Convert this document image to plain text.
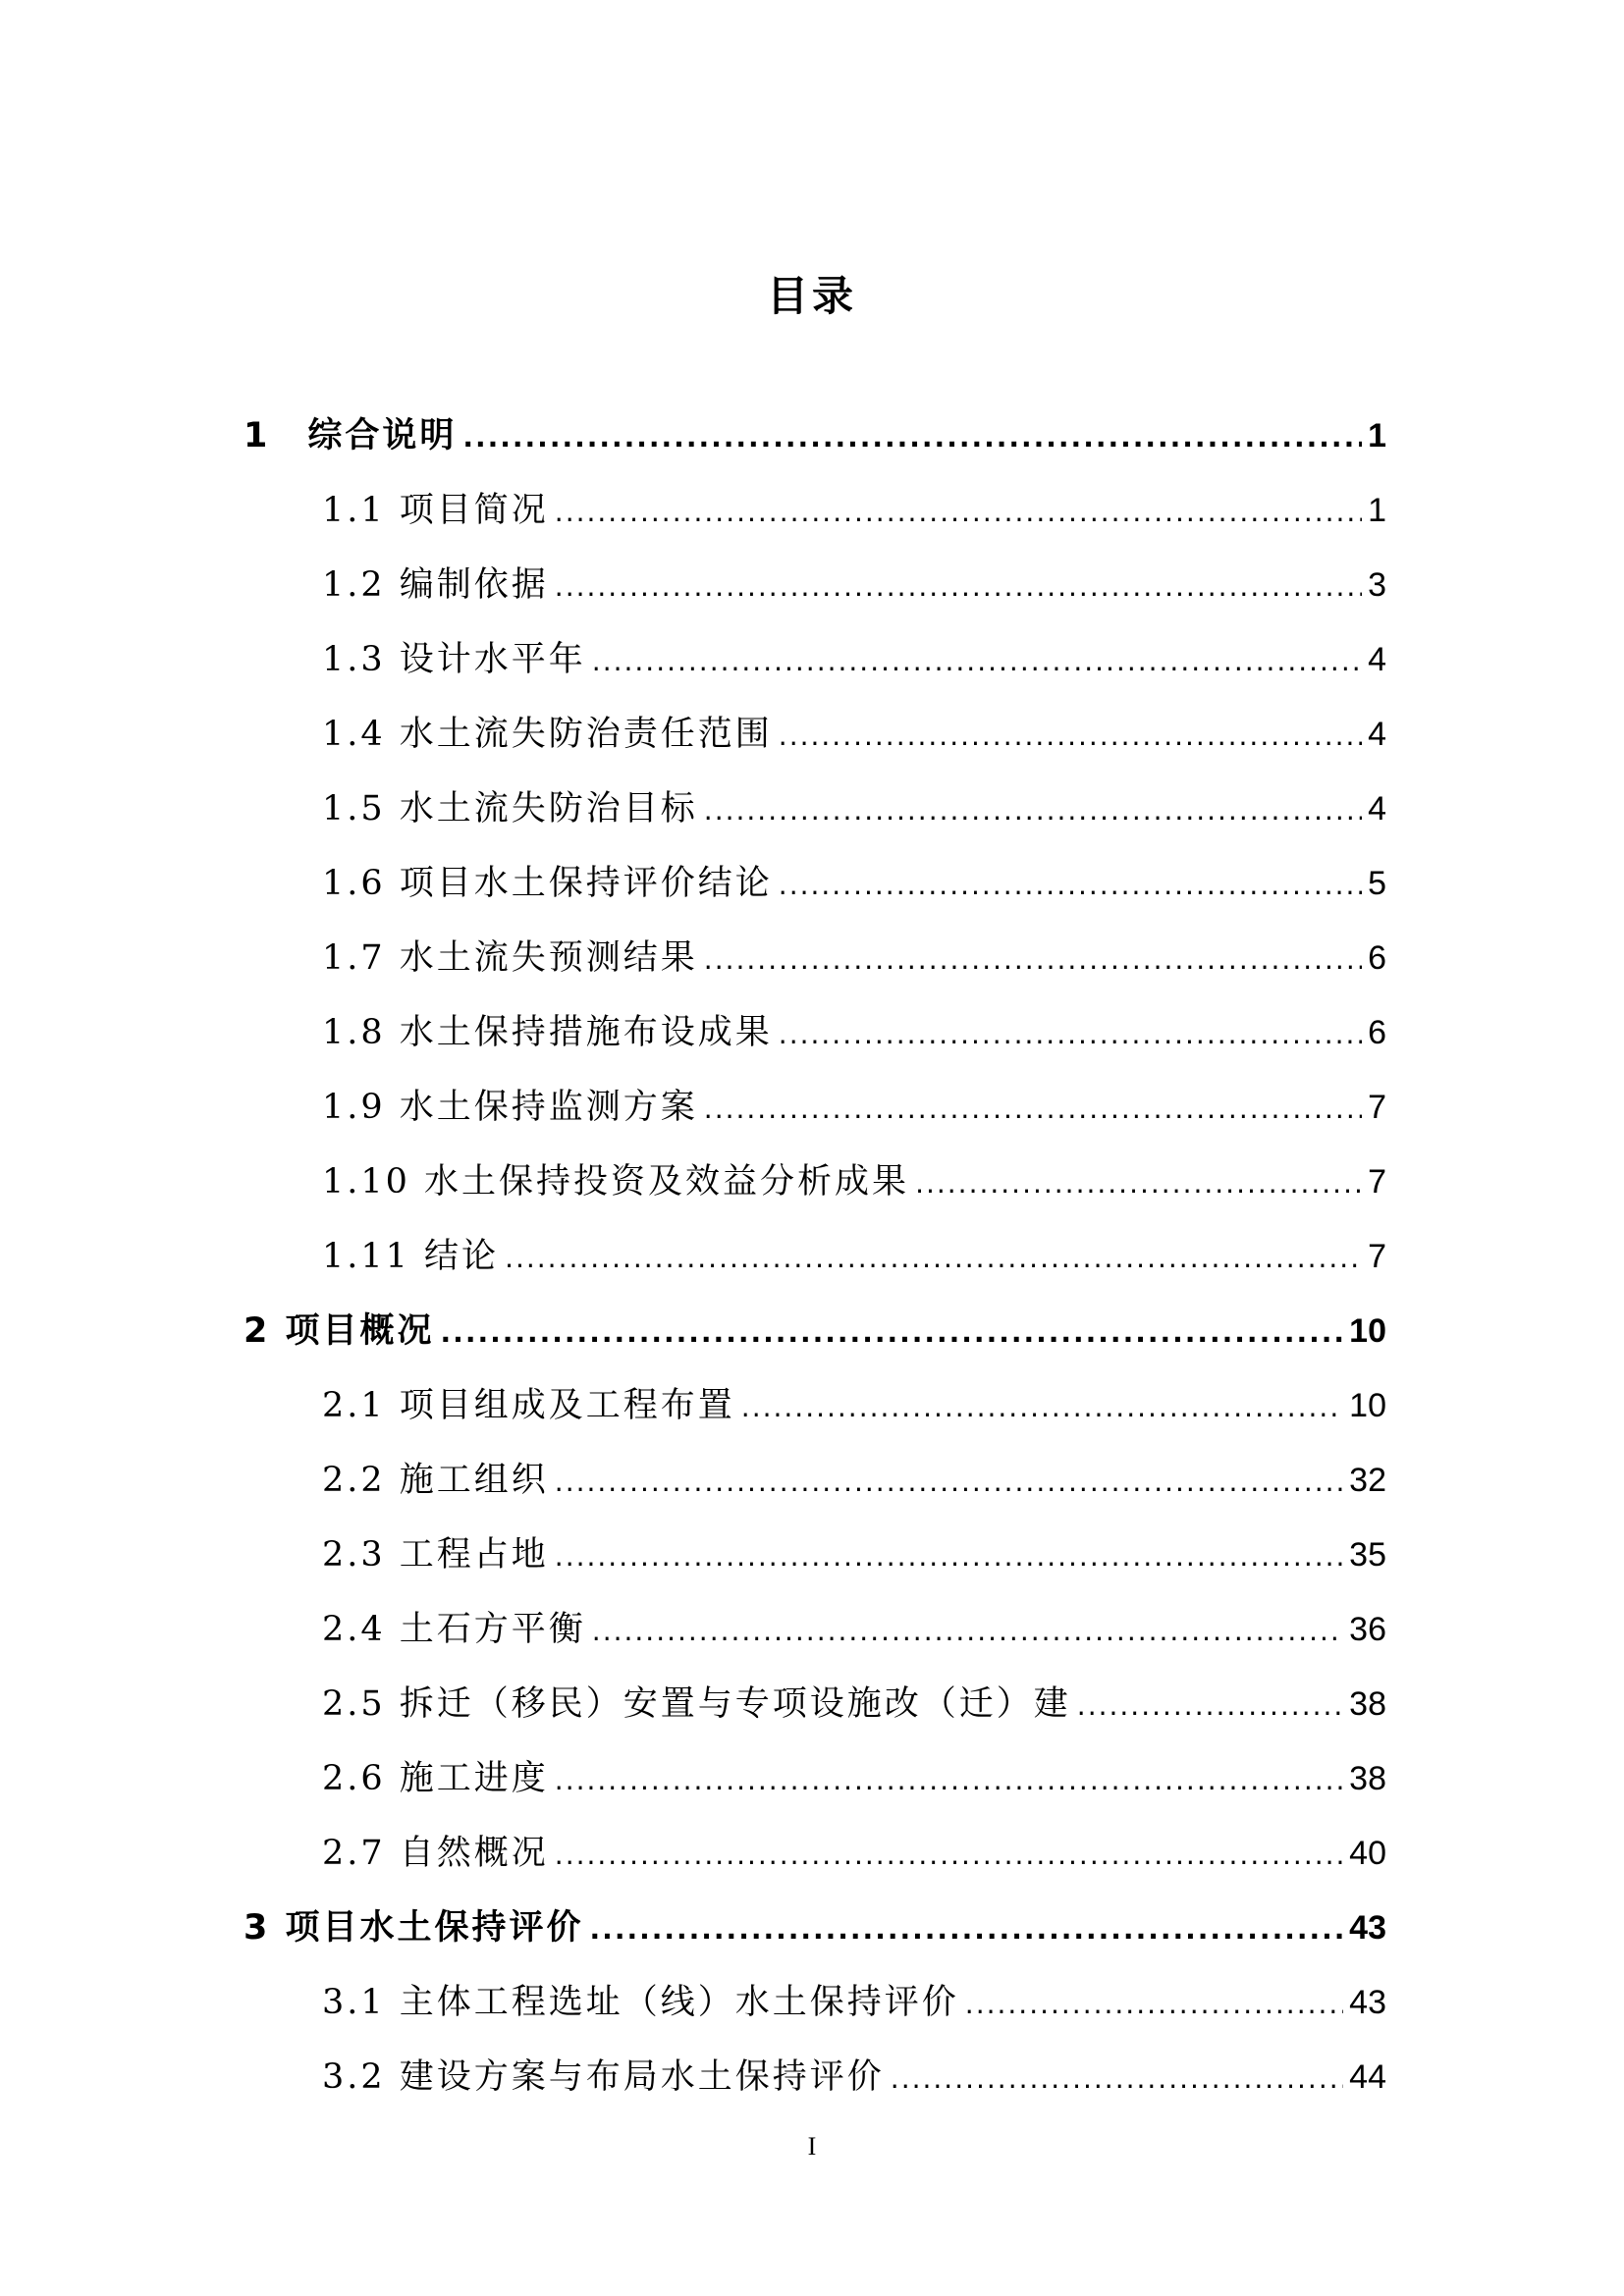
目录
1　综合说明 .....	1
1.1 项目简况 .....	1
1.2 编制依据 .....	3
1.3 设计水平年 .....	4
1.4 水土流失防治责任范围 .....	4
1.5 水土流失防治目标 .....	4
1.6 项目水土保持评价结论 .....	5
1.7 水土流失预测结果 .....	6
1.8 水土保持措施布设成果 .....	6
1.9 水土保持监测方案 .....	7
1.10 水土保持投资及效益分析成果 .....	7
1.11 结论 .....	7
2 项目概况 .....	10
2.1 项目组成及工程布置 .....	10
2.2 施工组织 .....	32
2.3 工程占地 .....	35
2.4 土石方平衡 .....	36
2.5 拆迁（移民）安置与专项设施改（迁）建 .....	38
2.6 施工进度 .....	38
2.7 自然概况 .....	40
3 项目水土保持评价 .....	43
3.1 主体工程选址（线）水土保持评价 .....	43
3.2 建设方案与布局水土保持评价 .....	44
I
